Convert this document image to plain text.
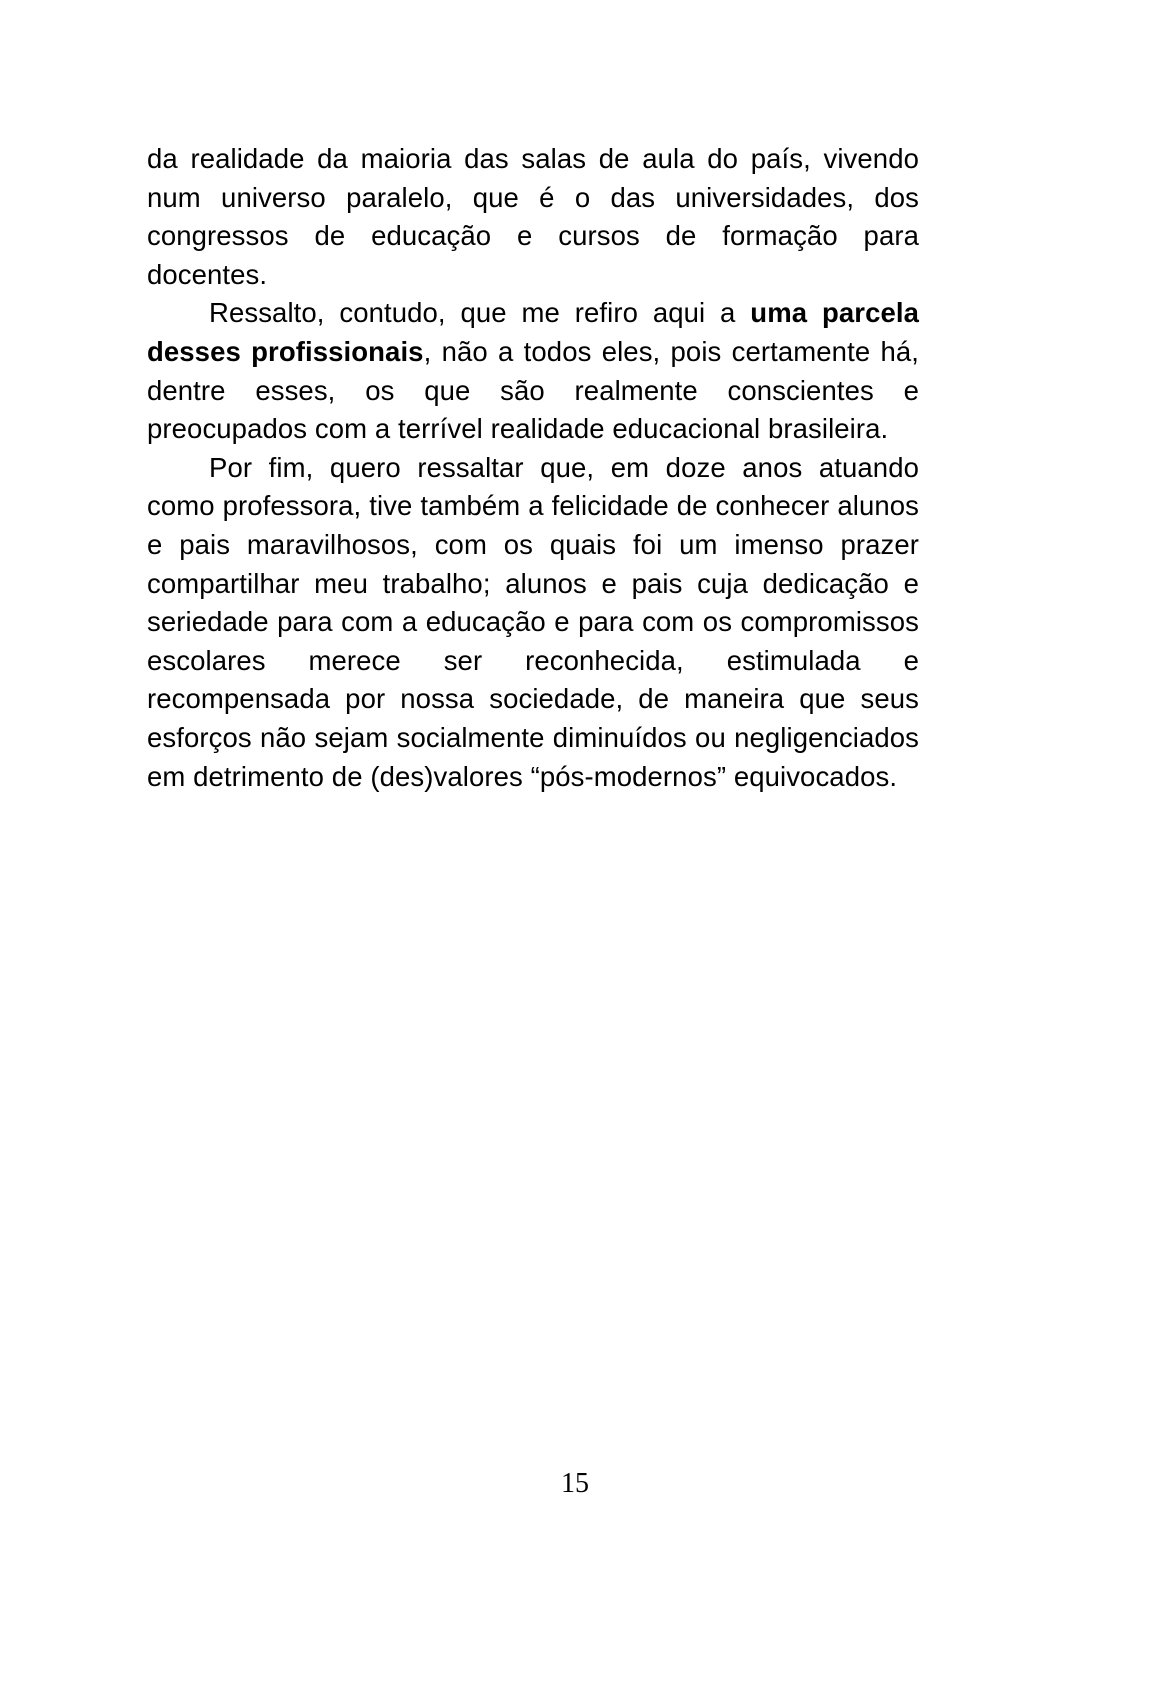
da realidade da maioria das salas de aula do país, vivendo num universo paralelo, que é o das universidades, dos congressos de educação e cursos de formação para docentes.

Ressalto, contudo, que me refiro aqui a uma parcela desses profissionais, não a todos eles, pois certamente há, dentre esses, os que são realmente conscientes e preocupados com a terrível realidade educacional brasileira.

Por fim, quero ressaltar que, em doze anos atuando como professora, tive também a felicidade de conhecer alunos e pais maravilhosos, com os quais foi um imenso prazer compartilhar meu trabalho; alunos e pais cuja dedicação e seriedade para com a educação e para com os compromissos escolares merece ser reconhecida, estimulada e recompensada por nossa sociedade, de maneira que seus esforços não sejam socialmente diminuídos ou negligenciados em detrimento de (des)valores “pós-modernos” equivocados.

15
